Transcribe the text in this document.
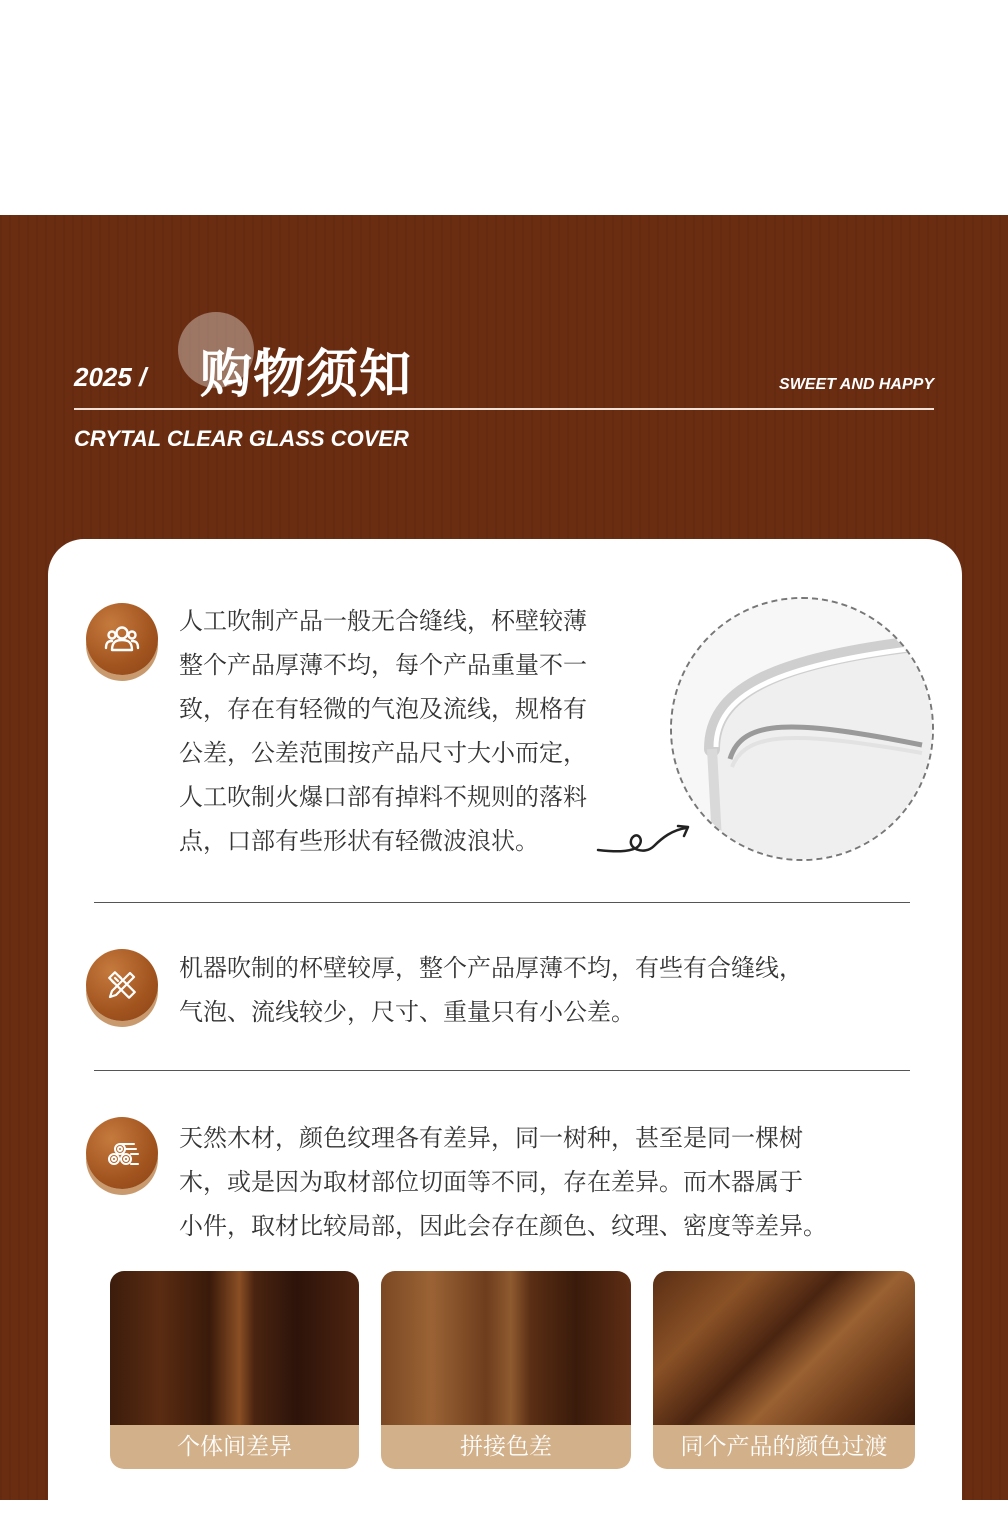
2025 / 购物须知	SWEET AND HAPPY
CRYTAL CLEAR GLASS COVER
人工吹制产品一般无合缝线，杯壁较薄
整个产品厚薄不均，每个产品重量不一
致，存在有轻微的气泡及流线，规格有
公差，公差范围按产品尺寸大小而定，
人工吹制火爆口部有掉料不规则的落料
点，口部有些形状有轻微波浪状。
机器吹制的杯壁较厚，整个产品厚薄不均，有些有合缝线，
气泡、流线较少，尺寸、重量只有小公差。
天然木材，颜色纹理各有差异，同一树种，甚至是同一棵树
木，或是因为取材部位切面等不同，存在差异。而木器属于
小件，取材比较局部，因此会存在颜色、纹理、密度等差异。
个体间差异	拼接色差	同个产品的颜色过渡
